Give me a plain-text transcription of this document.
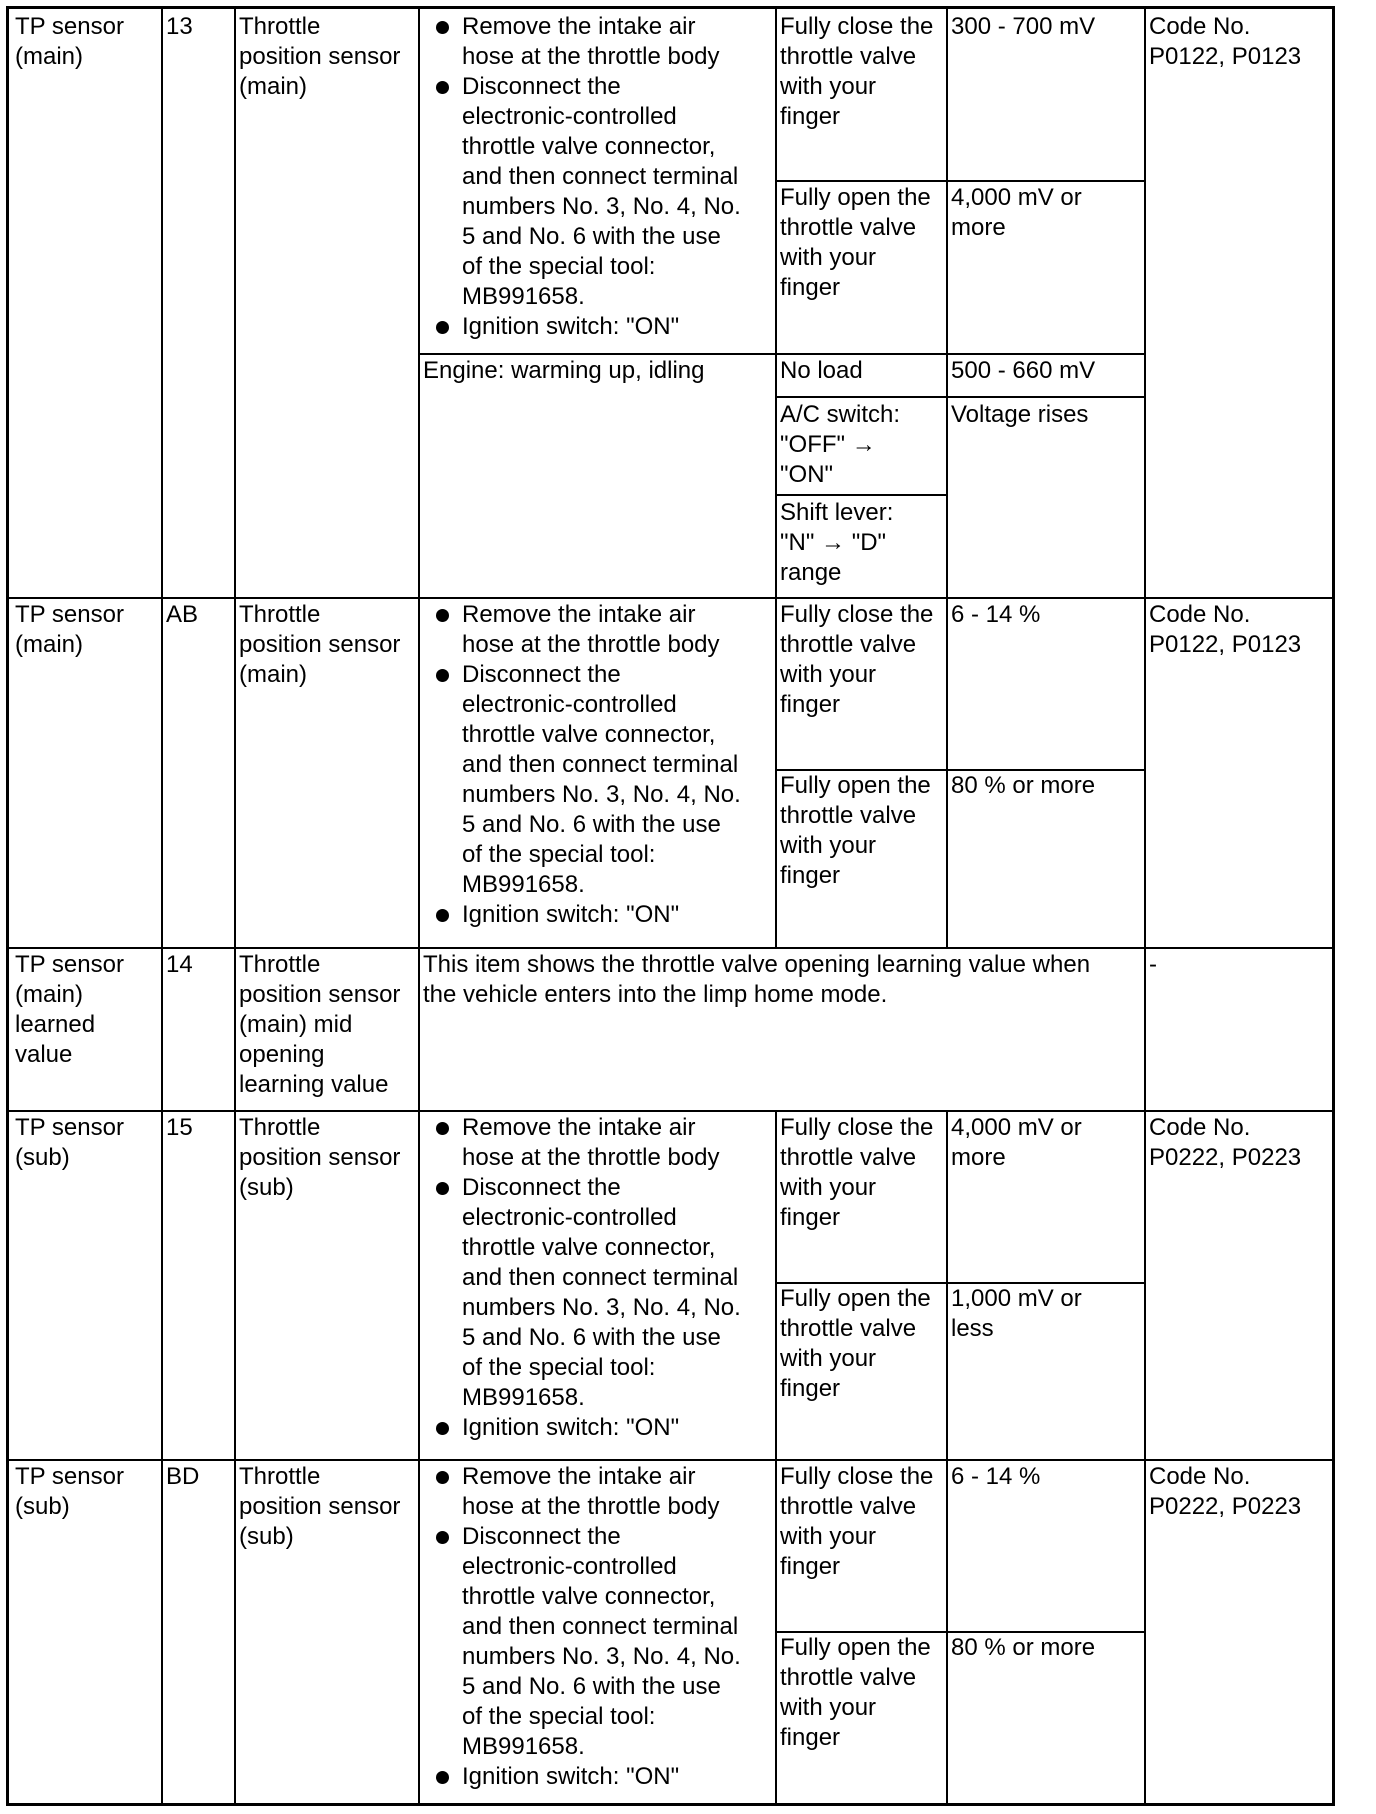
TP sensor
(main)
13 Throttle
position sensor
(main)
Remove the intake air
hose at the throttle body
Disconnect the
electronic-controlled
throttle valve connector,
and then connect terminal
numbers No. 3, No. 4, No.
5 and No. 6 with the use
of the special tool:
MB991658.
Ignition switch: "ON"
Fully close the
throttle valve
with your
finger
300 - 700 mV
Fully open the
throttle valve
with your
finger
4,000 mV or
more
Code No.
P0122, P0123
Engine: warming up, idling	No load	500 - 660 mV
A/C switch:
"OFF" →
"ON"
Voltage rises
Shift lever:
"N" → "D"
range
TP sensor
(main)
AB Throttle
position sensor
(main)
Remove the intake air
hose at the throttle body
Disconnect the
electronic-controlled
throttle valve connector,
and then connect terminal
numbers No. 3, No. 4, No.
5 and No. 6 with the use
of the special tool:
MB991658.
Ignition switch: "ON"
Fully close the
throttle valve
with your
finger
6 - 14 %
Fully open the
throttle valve
with your
finger
80 % or more
Code No.
P0122, P0123
TP sensor
(main)
learned
value
14 Throttle
position sensor
(main) mid
opening
learning value
This item shows the throttle valve opening learning value when
the vehicle enters into the limp home mode.
-
TP sensor
(sub)
15 Throttle
position sensor
(sub)
Remove the intake air
hose at the throttle body
Disconnect the
electronic-controlled
throttle valve connector,
and then connect terminal
numbers No. 3, No. 4, No.
5 and No. 6 with the use
of the special tool:
MB991658.
Ignition switch: "ON"
Fully close the
throttle valve
with your
finger
4,000 mV or
more
Fully open the
throttle valve
with your
finger
1,000 mV or
less
Code No.
P0222, P0223
TP sensor
(sub)
BD Throttle
position sensor
(sub)
Remove the intake air
hose at the throttle body
Disconnect the
electronic-controlled
throttle valve connector,
and then connect terminal
numbers No. 3, No. 4, No.
5 and No. 6 with the use
of the special tool:
MB991658.
Ignition switch: "ON"
Fully close the
throttle valve
with your
finger
6 - 14 %
Fully open the
throttle valve
with your
finger
80 % or more
Code No.
P0222, P0223
